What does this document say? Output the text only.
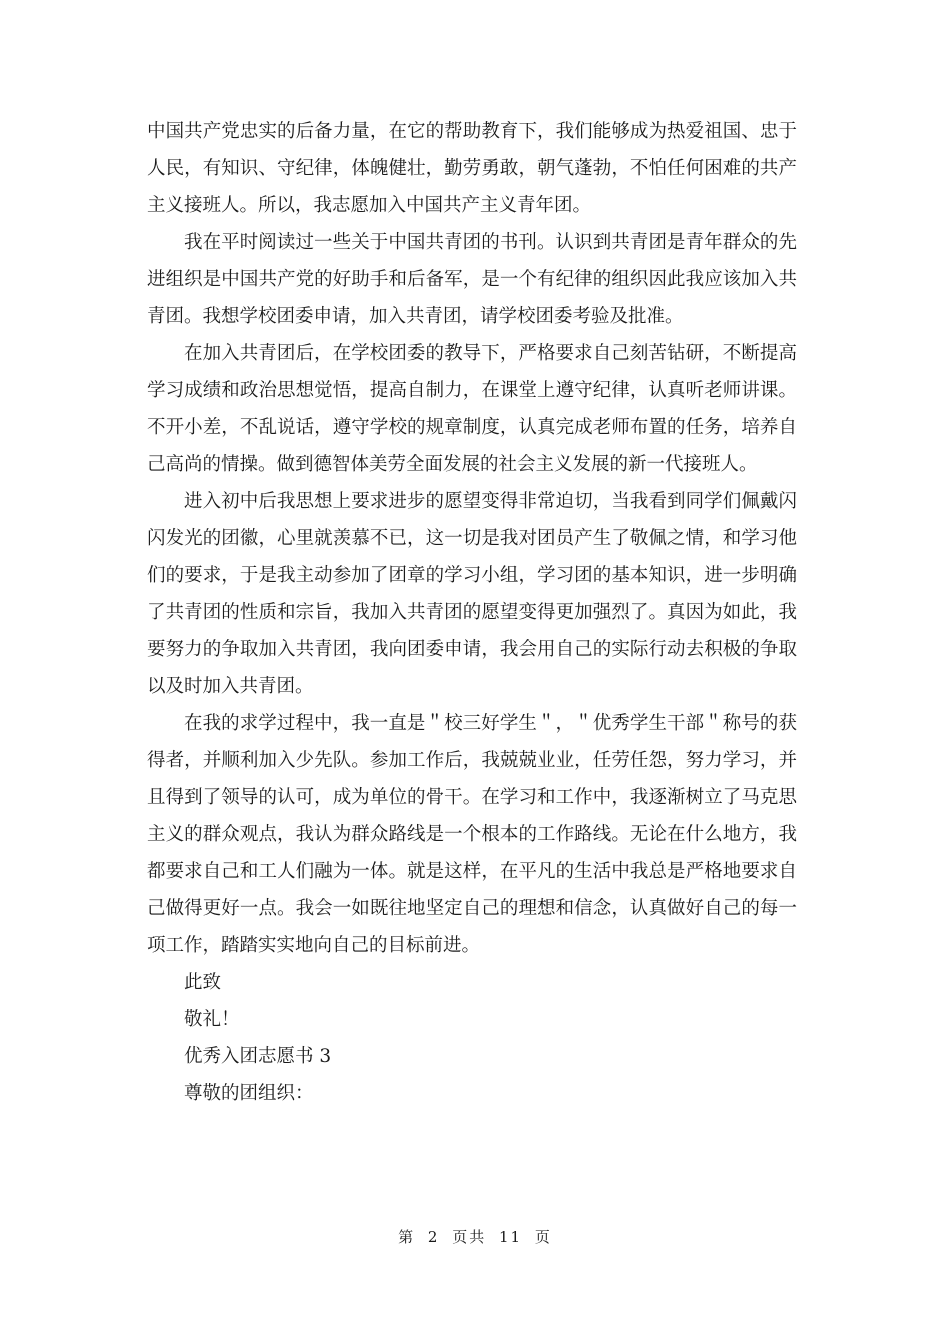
中国共产党忠实的后备力量，在它的帮助教育下，我们能够成为热爱祖国、忠于人民，有知识、守纪律，体魄健壮，勤劳勇敢，朝气蓬勃，不怕任何困难的共产主义接班人。所以，我志愿加入中国共产主义青年团。

我在平时阅读过一些关于中国共青团的书刊。认识到共青团是青年群众的先进组织是中国共产党的好助手和后备军，是一个有纪律的组织因此我应该加入共青团。我想学校团委申请，加入共青团，请学校团委考验及批准。

在加入共青团后，在学校团委的教导下，严格要求自己刻苦钻研，不断提高学习成绩和政治思想觉悟，提高自制力，在课堂上遵守纪律，认真听老师讲课。不开小差，不乱说话，遵守学校的规章制度，认真完成老师布置的任务，培养自己高尚的情操。做到德智体美劳全面发展的社会主义发展的新一代接班人。

进入初中后我思想上要求进步的愿望变得非常迫切，当我看到同学们佩戴闪闪发光的团徽，心里就羡慕不已，这一切是我对团员产生了敬佩之情，和学习他们的要求，于是我主动参加了团章的学习小组，学习团的基本知识，进一步明确了共青团的性质和宗旨，我加入共青团的愿望变得更加强烈了。真因为如此，我要努力的争取加入共青团，我向团委申请，我会用自己的实际行动去积极的争取以及时加入共青团。

在我的求学过程中，我一直是＂校三好学生＂，＂优秀学生干部＂称号的获得者，并顺利加入少先队。参加工作后，我兢兢业业，任劳任怨，努力学习，并且得到了领导的认可，成为单位的骨干。在学习和工作中，我逐渐树立了马克思主义的群众观点，我认为群众路线是一个根本的工作路线。无论在什么地方，我都要求自己和工人们融为一体。就是这样，在平凡的生活中我总是严格地要求自己做得更好一点。我会一如既往地坚定自己的理想和信念，认真做好自己的每一项工作，踏踏实实地向自己的目标前进。

此致

敬礼！

优秀入团志愿书 3

尊敬的团组织：

第 2 页共 11 页
